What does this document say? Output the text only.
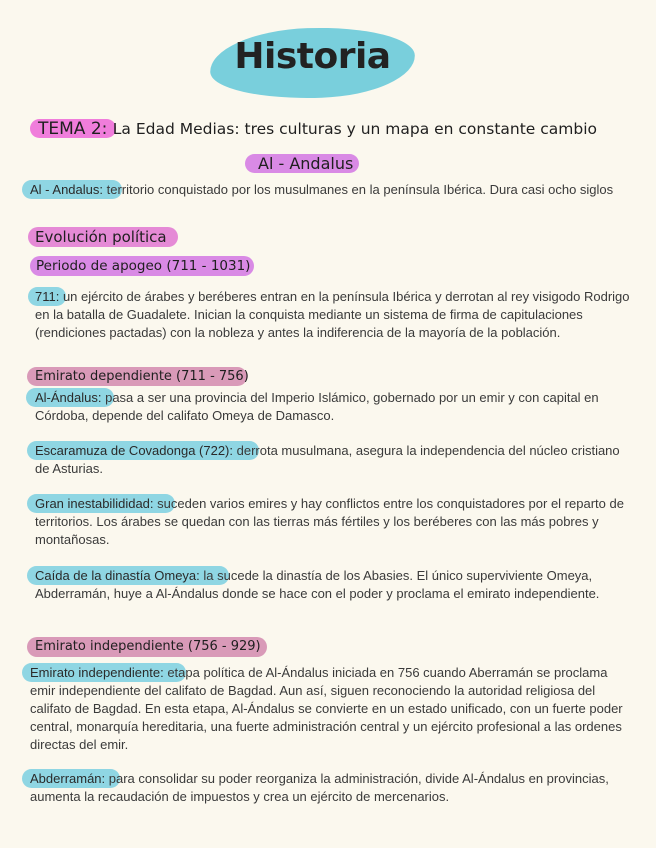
Historia
TEMA 2: La Edad Medias: tres culturas y un mapa en constante cambio
Al - Andalus
Al - Andalus: territorio conquistado por los musulmanes en la península Ibérica. Dura casi ocho siglos
Evolución política
Periodo de apogeo (711 - 1031)
711: un ejército de árabes y beréberes entran en la península Ibérica y derrotan al rey visigodo Rodrigo en la batalla de Guadalete. Inician la conquista mediante un sistema de firma de capitulaciones (rendiciones pactadas) con la nobleza y antes la indiferencia de la mayoría de la población.
Emirato dependiente (711 - 756)
Al-Ándalus: pasa a ser una provincia del Imperio Islámico, gobernado por un emir y con capital en Córdoba, depende del califato Omeya de Damasco.
Escaramuza de Covadonga (722): derrota musulmana, asegura la independencia del núcleo cristiano de Asturias.
Gran inestabilididad: suceden varios emires y hay conflictos entre los conquistadores por el reparto de territorios. Los árabes se quedan con las tierras más fértiles y los beréberes con las más pobres y montañosas.
Caída de la dinastía Omeya: la sucede la dinastía de los Abasies. El único superviviente Omeya, Abderramán, huye a Al-Ándalus donde se hace con el poder y proclama el emirato independiente.
Emirato independiente (756 - 929)
Emirato independiente: etapa política de Al-Ándalus iniciada en 756 cuando Aberramán se proclama emir independiente del califato de Bagdad. Aun así, siguen reconociendo la autoridad religiosa del califato de Bagdad. En esta etapa, Al-Ándalus se convierte en un estado unificado, con un fuerte poder central, monarquía hereditaria, una fuerte administración central y un ejército profesional a las ordenes directas del emir.
Abderramán: para consolidar su poder reorganiza la administración, divide Al-Ándalus en provincias, aumenta la recaudación de impuestos y crea un ejército de mercenarios.
